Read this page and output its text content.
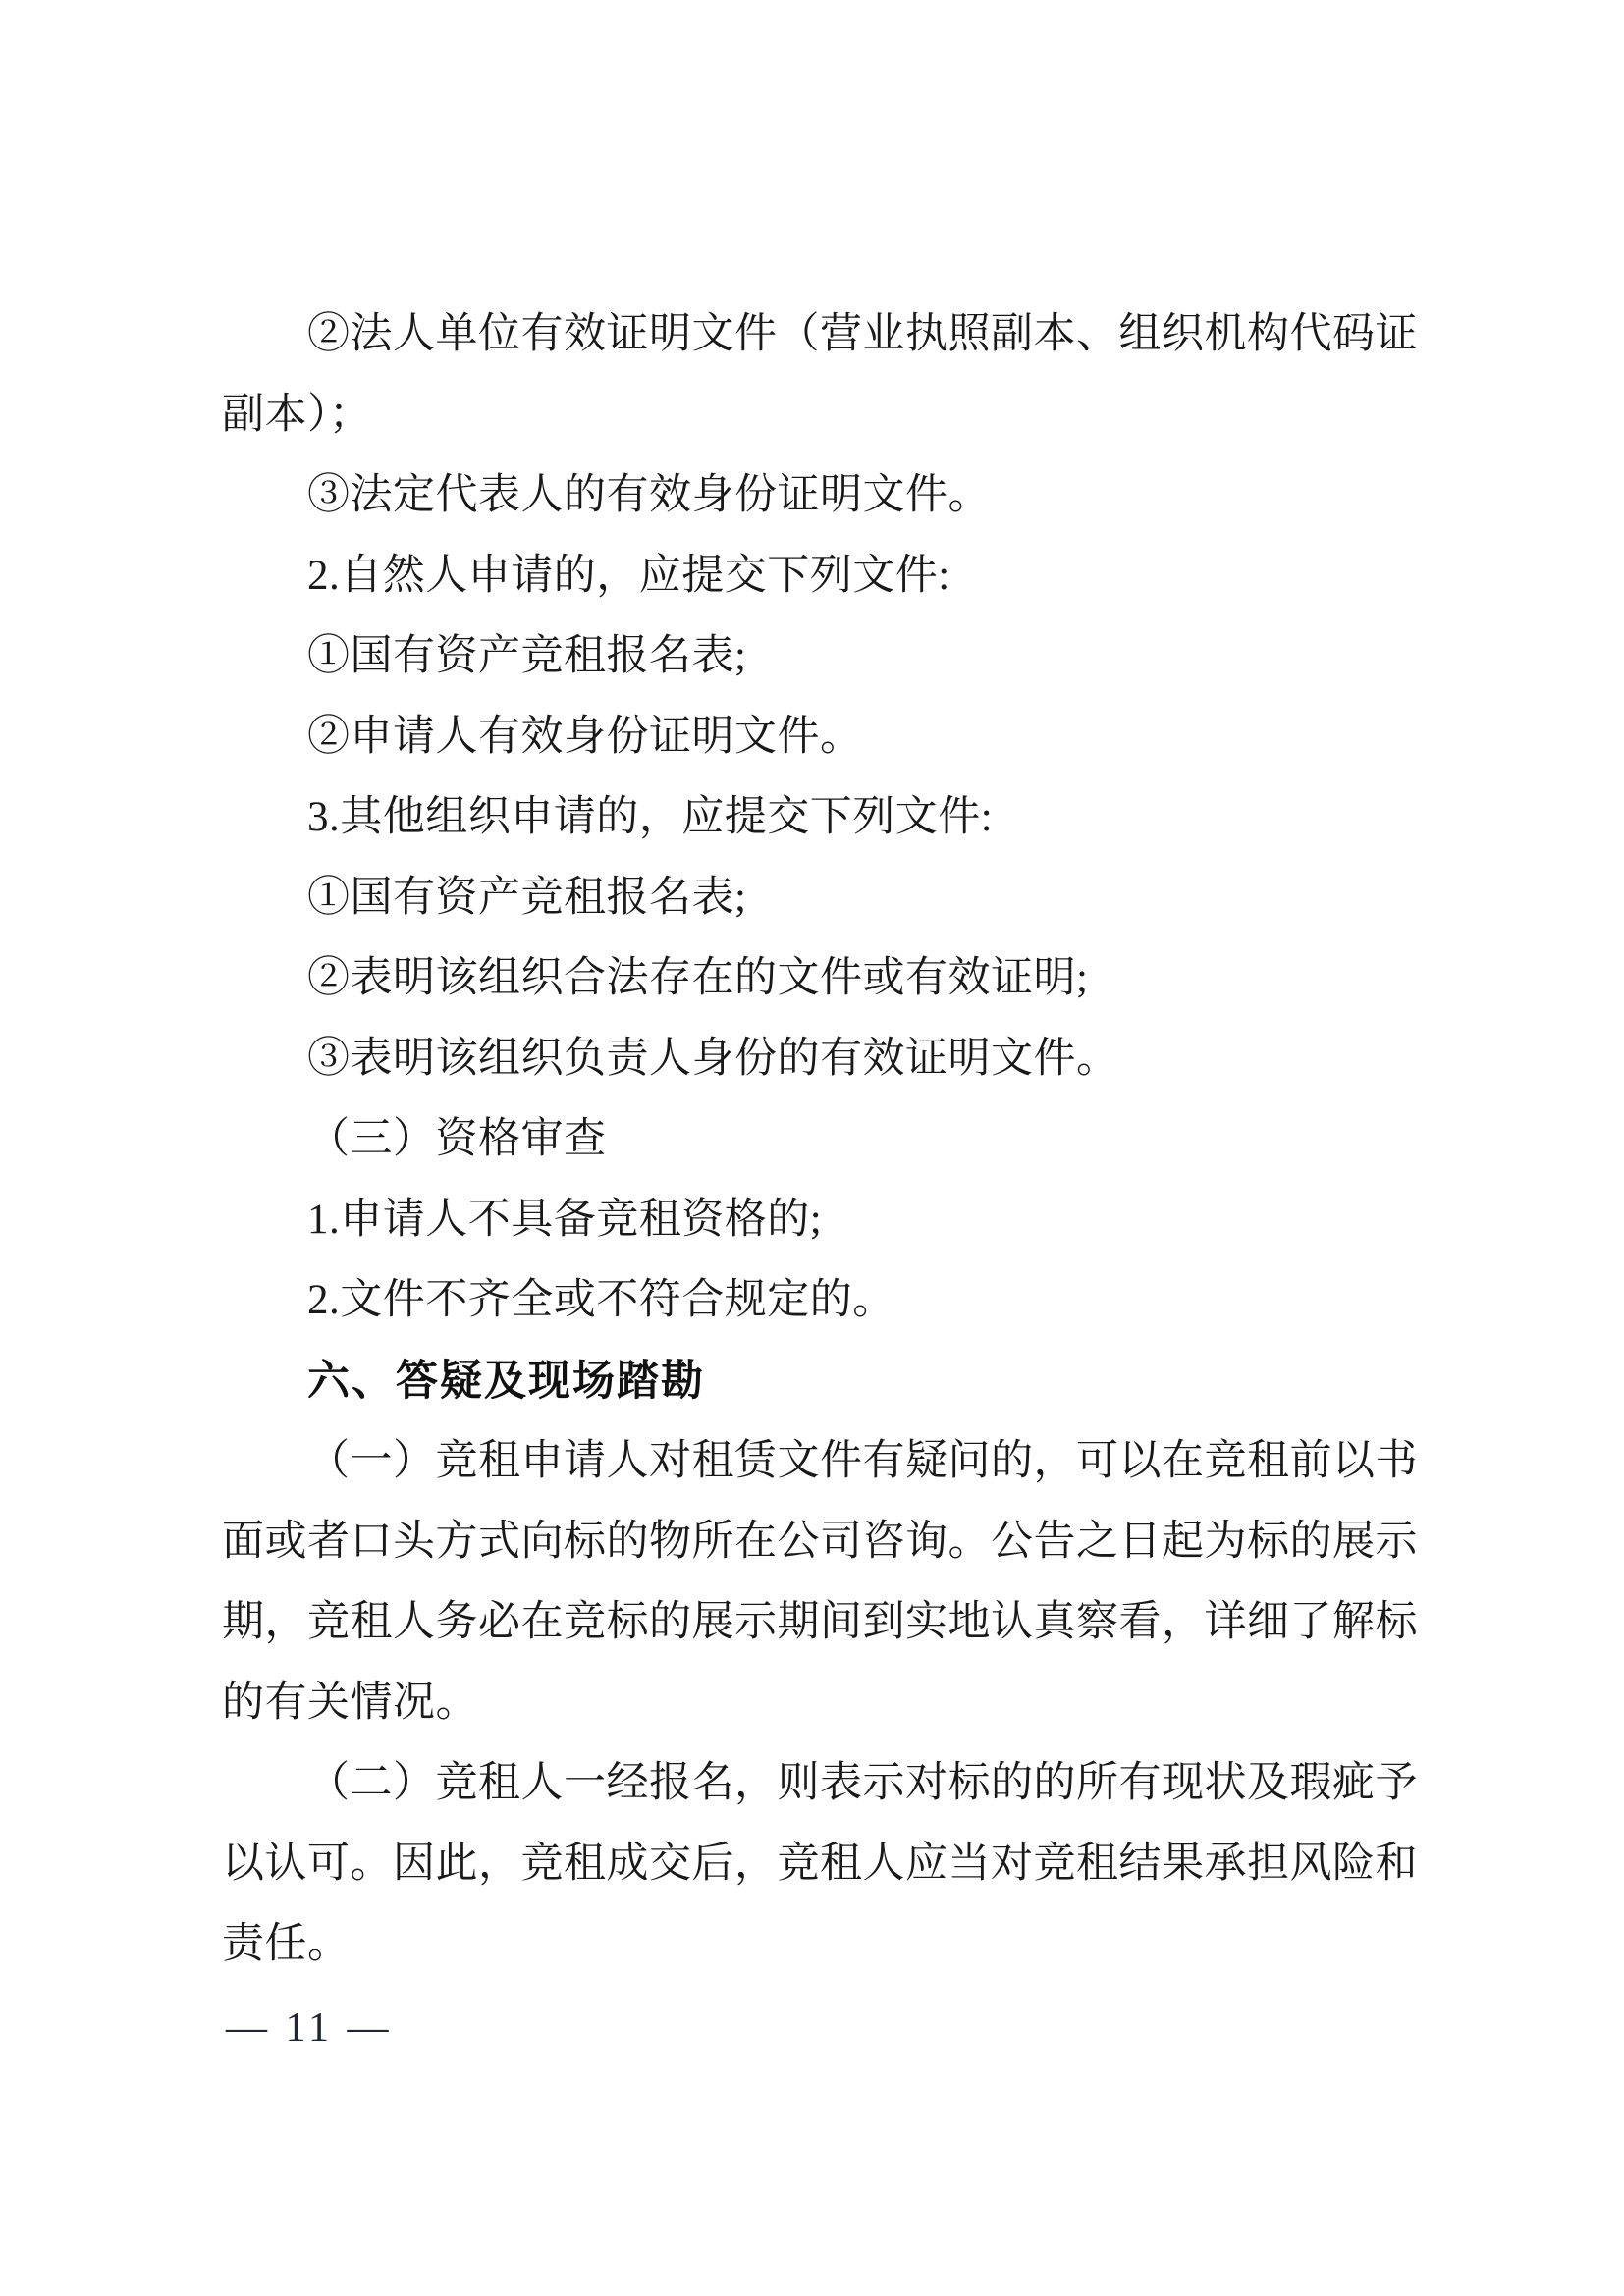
②法人单位有效证明文件（营业执照副本、组织机构代码证
副本）；
③法定代表人的有效身份证明文件。
2.自然人申请的，应提交下列文件:
①国有资产竞租报名表;
②申请人有效身份证明文件。
3.其他组织申请的，应提交下列文件:
①国有资产竞租报名表;
②表明该组织合法存在的文件或有效证明;
③表明该组织负责人身份的有效证明文件。
（三）资格审查
1.申请人不具备竞租资格的;
2.文件不齐全或不符合规定的。
六、答疑及现场踏勘
（一）竞租申请人对租赁文件有疑问的，可以在竞租前以书
面或者口头方式向标的物所在公司咨询。公告之日起为标的展示
期，竞租人务必在竞标的展示期间到实地认真察看，详细了解标
的有关情况。
（二）竞租人一经报名，则表示对标的的所有现状及瑕疵予
以认可。因此，竞租成交后，竞租人应当对竞租结果承担风险和
责任。
— 11 —
